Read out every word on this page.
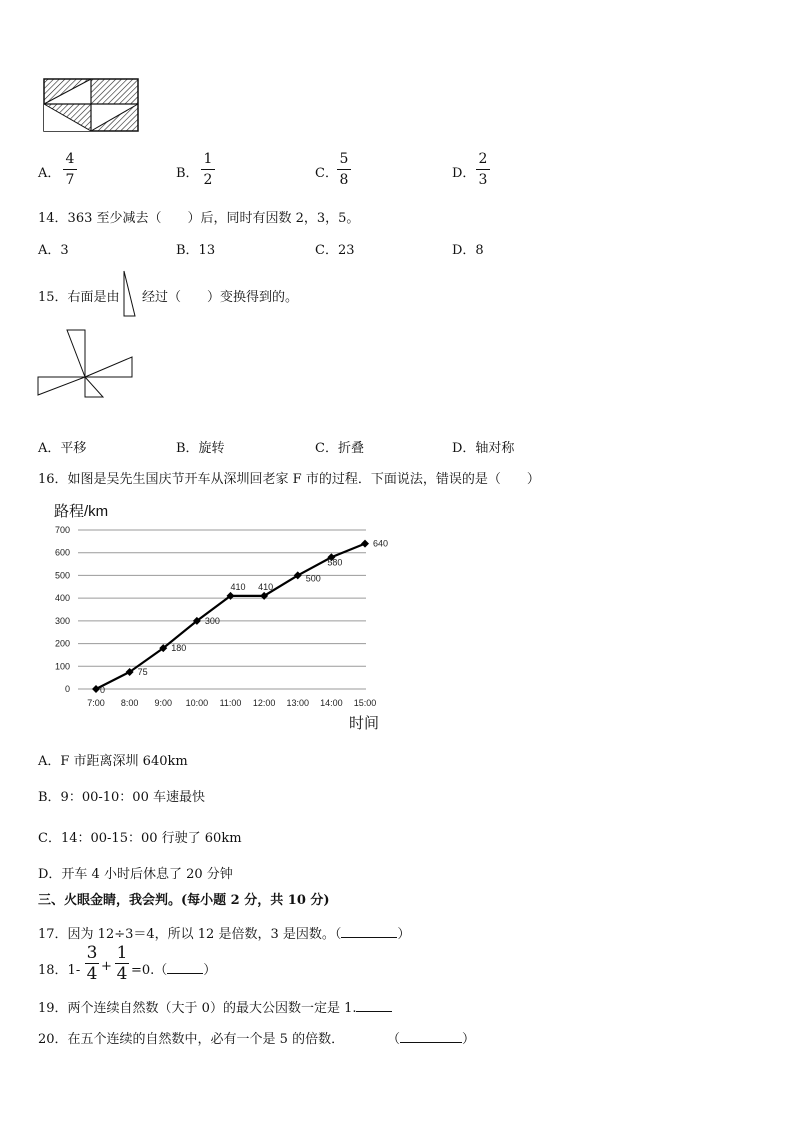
A．
4
7	B．
1
2	C．
5
8	D．
2
3
14．363 至少减去（　　）后，同时有因数 2，3，5。
A．3	B．13	C．23	D．8
15．右面是由 经过（　　）变换得到的。
A．平移	B．旋转	C．折叠	D．轴对称
16．如图是吴先生国庆节开车从深圳回老家 F 市的过程．下面说法，错误的是（　　）
路程/km
0
100
200
300
400
500
600
700
7:00 8:00 9:00 10:00 11:00 12:00 13:00 14:00 15:00
0
75
180
300
410 410
500
580
640
时间
A．F 市距离深圳 640km
B．9：00-10：00 车速最快
C．14：00-15：00 行驶了 60km
D．开车 4 小时后休息了 20 分钟
三、火眼金睛，我会判。(每小题 2 分，共 10 分)
17．因为 12÷3＝4，所以 12 是倍数，3 是因数。（	）
18．1-
3
4 +
1
4 =0.（	）
19．两个连续自然数（大于 0）的最大公因数一定是 1.
20．在五个连续的自然数中，必有一个是 5 的倍数．	（	）
